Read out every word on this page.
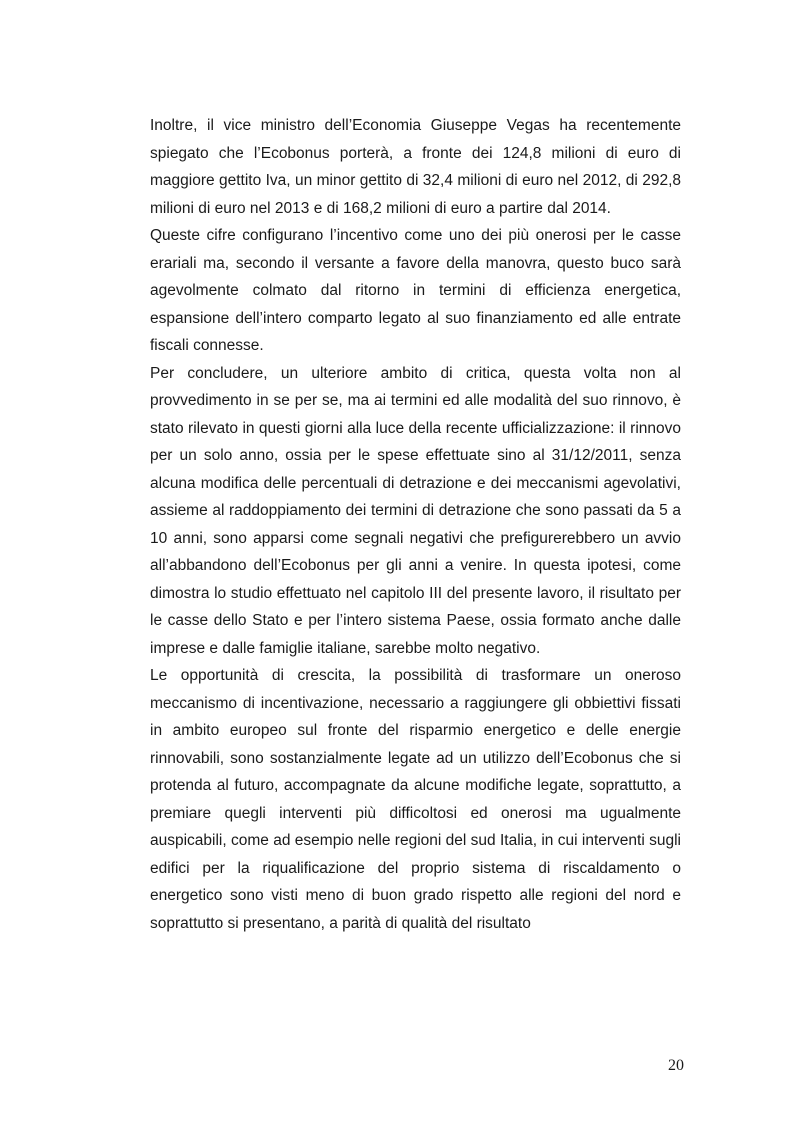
Inoltre, il vice ministro dell’Economia Giuseppe Vegas ha recentemente spiegato che l’Ecobonus porterà, a fronte dei 124,8 milioni di euro di maggiore gettito Iva, un minor gettito di 32,4 milioni di euro nel 2012, di 292,8 milioni di euro nel 2013 e di 168,2 milioni di euro a partire dal 2014.

Queste cifre configurano l’incentivo come uno dei più onerosi per le casse erariali ma, secondo il versante a favore della manovra, questo buco sarà agevolmente colmato dal ritorno in termini di efficienza energetica, espansione dell’intero comparto legato al suo finanziamento ed alle entrate fiscali connesse.

Per concludere, un ulteriore ambito di critica, questa volta non al provvedimento in se per se, ma ai termini ed alle modalità del suo rinnovo, è stato rilevato in questi giorni alla luce della recente ufficializzazione: il rinnovo per un solo anno, ossia per le spese effettuate sino al 31/12/2011, senza alcuna modifica delle percentuali di detrazione e dei meccanismi agevolativi, assieme al raddoppiamento dei termini di detrazione che sono passati da 5 a 10 anni, sono apparsi come segnali negativi che prefigurerebbero un avvio all’abbandono dell’Ecobonus per gli anni a venire. In questa ipotesi, come dimostra lo studio effettuato nel capitolo III del presente lavoro, il risultato per le casse dello Stato e per l’intero sistema Paese, ossia formato anche dalle imprese e dalle famiglie italiane, sarebbe molto negativo.

Le opportunità di crescita, la possibilità di trasformare un oneroso meccanismo di incentivazione, necessario a raggiungere gli obbiettivi fissati in ambito europeo sul fronte del risparmio energetico e delle energie rinnovabili, sono sostanzialmente legate ad un utilizzo dell’Ecobonus che si protenda al futuro, accompagnate da alcune modifiche legate, soprattutto, a premiare quegli interventi più difficoltosi ed onerosi ma ugualmente auspicabili, come ad esempio nelle regioni del sud Italia, in cui interventi sugli edifici per la riqualificazione del proprio sistema di riscaldamento o energetico sono visti meno di buon grado rispetto alle regioni del nord e soprattutto si presentano, a parità di qualità del risultato

20
